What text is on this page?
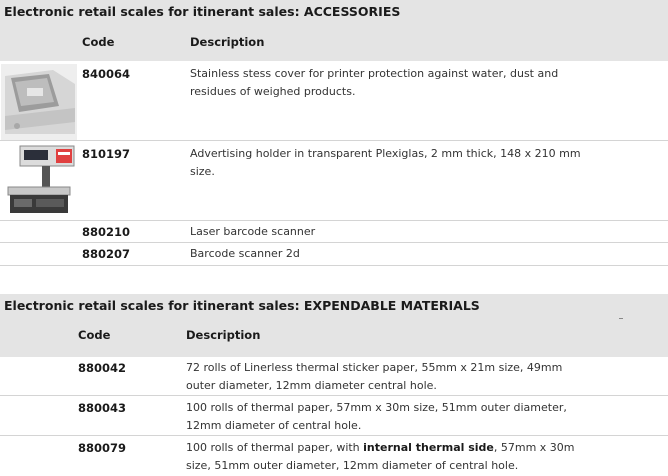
Electronic retail scales for itinerant sales: ACCESSORIES
Code	Description
840064	Stainless stess cover for printer protection against water, dust and
residues of weighed products.
810197	Advertising holder in transparent Plexiglas, 2 mm thick, 148 x 210 mm
size.
880210	Laser barcode scanner
880207	Barcode scanner 2d
Electronic retail scales for itinerant sales: EXPENDABLE MATERIALS
Code	Description
880042	72 rolls of Linerless thermal sticker paper, 55mm x 21m size, 49mm
outer diameter, 12mm diameter central hole.
880043	100 rolls of thermal paper, 57mm x 30m size, 51mm outer diameter,
12mm diameter of central hole.
880079	100 rolls of thermal paper, with internal thermal side, 57mm x 30m
size, 51mm outer diameter, 12mm diameter of central hole.
